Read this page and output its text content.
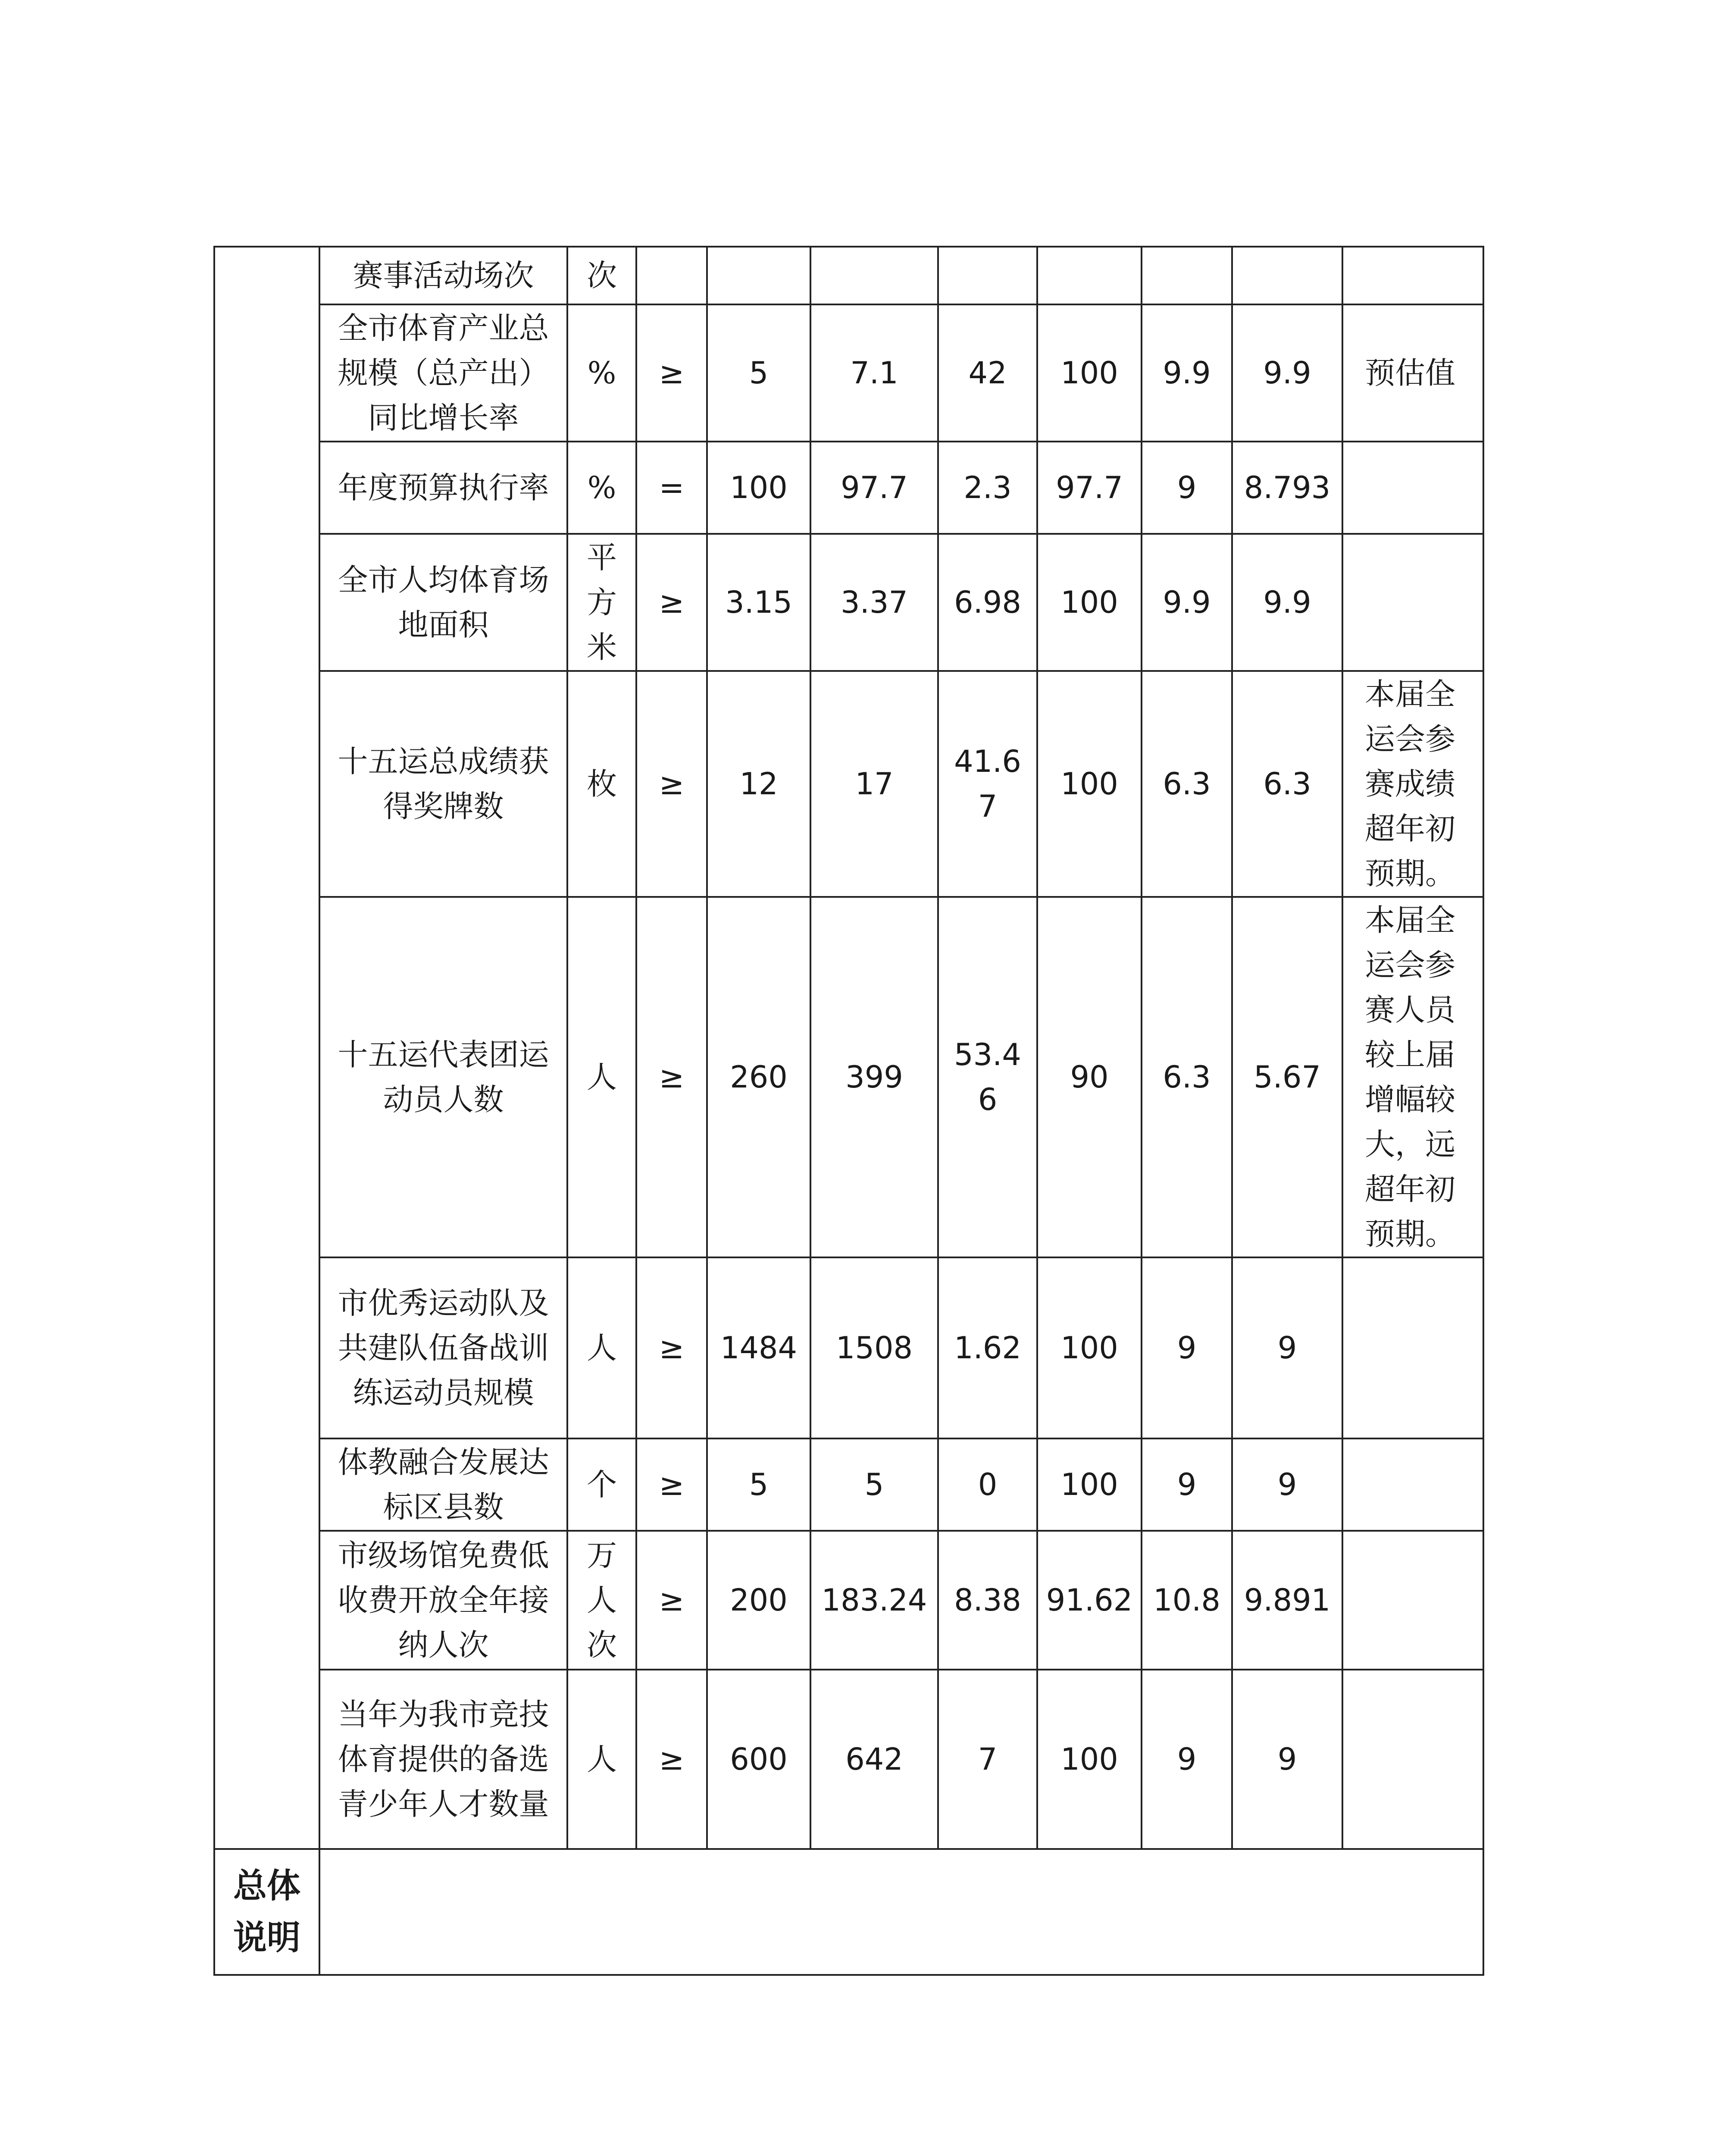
	赛事活动场次	次								
	全市体育产业总规模（总产出）同比增长率	%	≥	5	7.1	42	100	9.9	9.9	预估值
	年度预算执行率	%	=	100	97.7	2.3	97.7	9	8.793	
	全市人均体育场地面积	平方米	≥	3.15	3.37	6.98	100	9.9	9.9	
	十五运总成绩获得奖牌数	枚	≥	12	17	41.67	100	6.3	6.3	本届全运会参赛成绩超年初预期。
	十五运代表团运动员人数	人	≥	260	399	53.46	90	6.3	5.67	本届全运会参赛人员较上届增幅较大，远超年初预期。
	市优秀运动队及共建队伍备战训练运动员规模	人	≥	1484	1508	1.62	100	9	9	
	体教融合发展达标区县数	个	≥	5	5	0	100	9	9	
	市级场馆免费低收费开放全年接纳人次	万人次	≥	200	183.24	8.38	91.62	10.8	9.891	
	当年为我市竞技体育提供的备选青少年人才数量	人	≥	600	642	7	100	9	9	
总体说明										
